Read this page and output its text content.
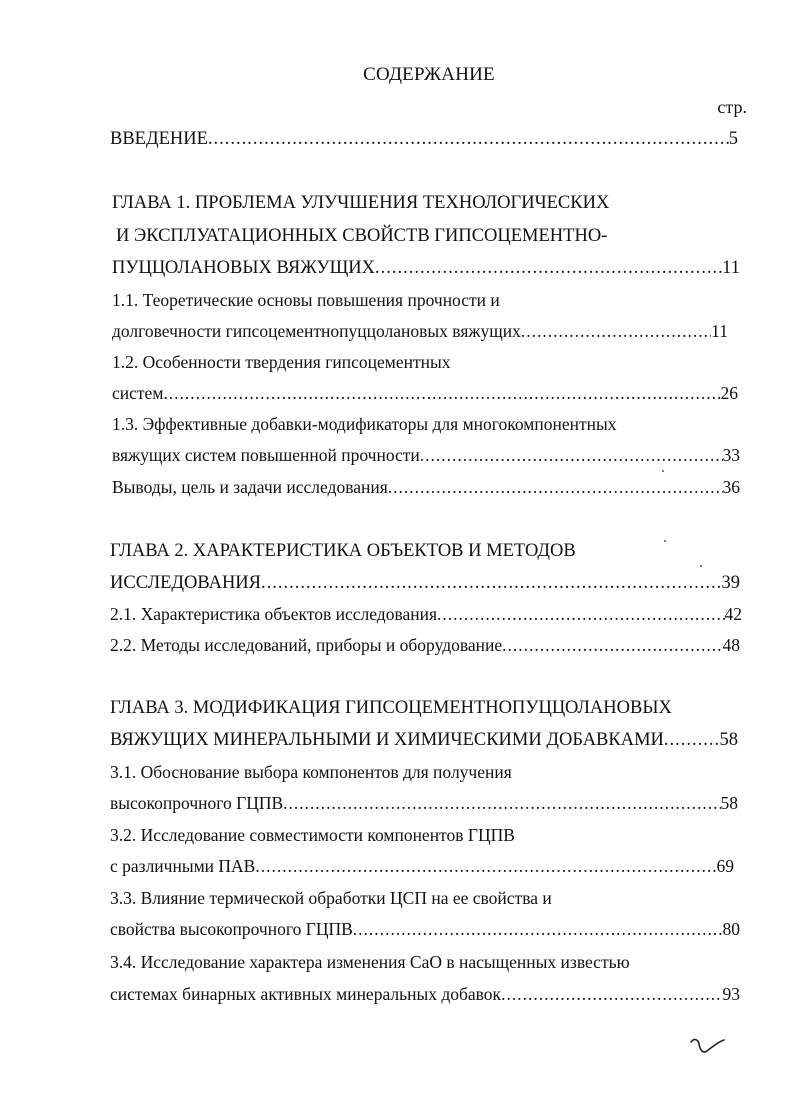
СОДЕРЖАНИЕ
стр.
ВВЕДЕНИЕ .....	5
ГЛАВА 1. ПРОБЛЕМА УЛУЧШЕНИЯ ТЕХНОЛОГИЧЕСКИХ
И ЭКСПЛУАТАЦИОННЫХ СВОЙСТВ ГИПСОЦЕМЕНТНО-
ПУЦЦОЛАНОВЫХ ВЯЖУЩИХ .....	11
1.1. Теоретические основы повышения прочности и
долговечности гипсоцементнопуццолановых вяжущих .....	11
1.2. Особенности твердения гипсоцементных
систем .....	26
1.3. Эффективные добавки-модификаторы для многокомпонентных
вяжущих систем повышенной прочности .....	33
Выводы, цель и задачи исследования .....	36
ГЛАВА 2. ХАРАКТЕРИСТИКА ОБЪЕКТОВ И МЕТОДОВ
ИССЛЕДОВАНИЯ .....	39
2.1. Характеристика объектов исследования .....	42
2.2. Методы исследований, приборы и оборудование .....	48
ГЛАВА 3. МОДИФИКАЦИЯ ГИПСОЦЕМЕНТНОПУЦЦОЛАНОВЫХ
ВЯЖУЩИХ МИНЕРАЛЬНЫМИ И ХИМИЧЕСКИМИ ДОБАВКАМИ .....	58
3.1. Обоснование выбора компонентов для получения
высокопрочного ГЦПВ .....	58
3.2. Исследование совместимости компонентов ГЦПВ
с различными ПАВ .....	69
3.3. Влияние термической обработки ЦСП на ее свойства и
свойства высокопрочного ГЦПВ .....	80
3.4. Исследование характера изменения СаО в насыщенных известью
системах бинарных активных минеральных добавок .....	93
